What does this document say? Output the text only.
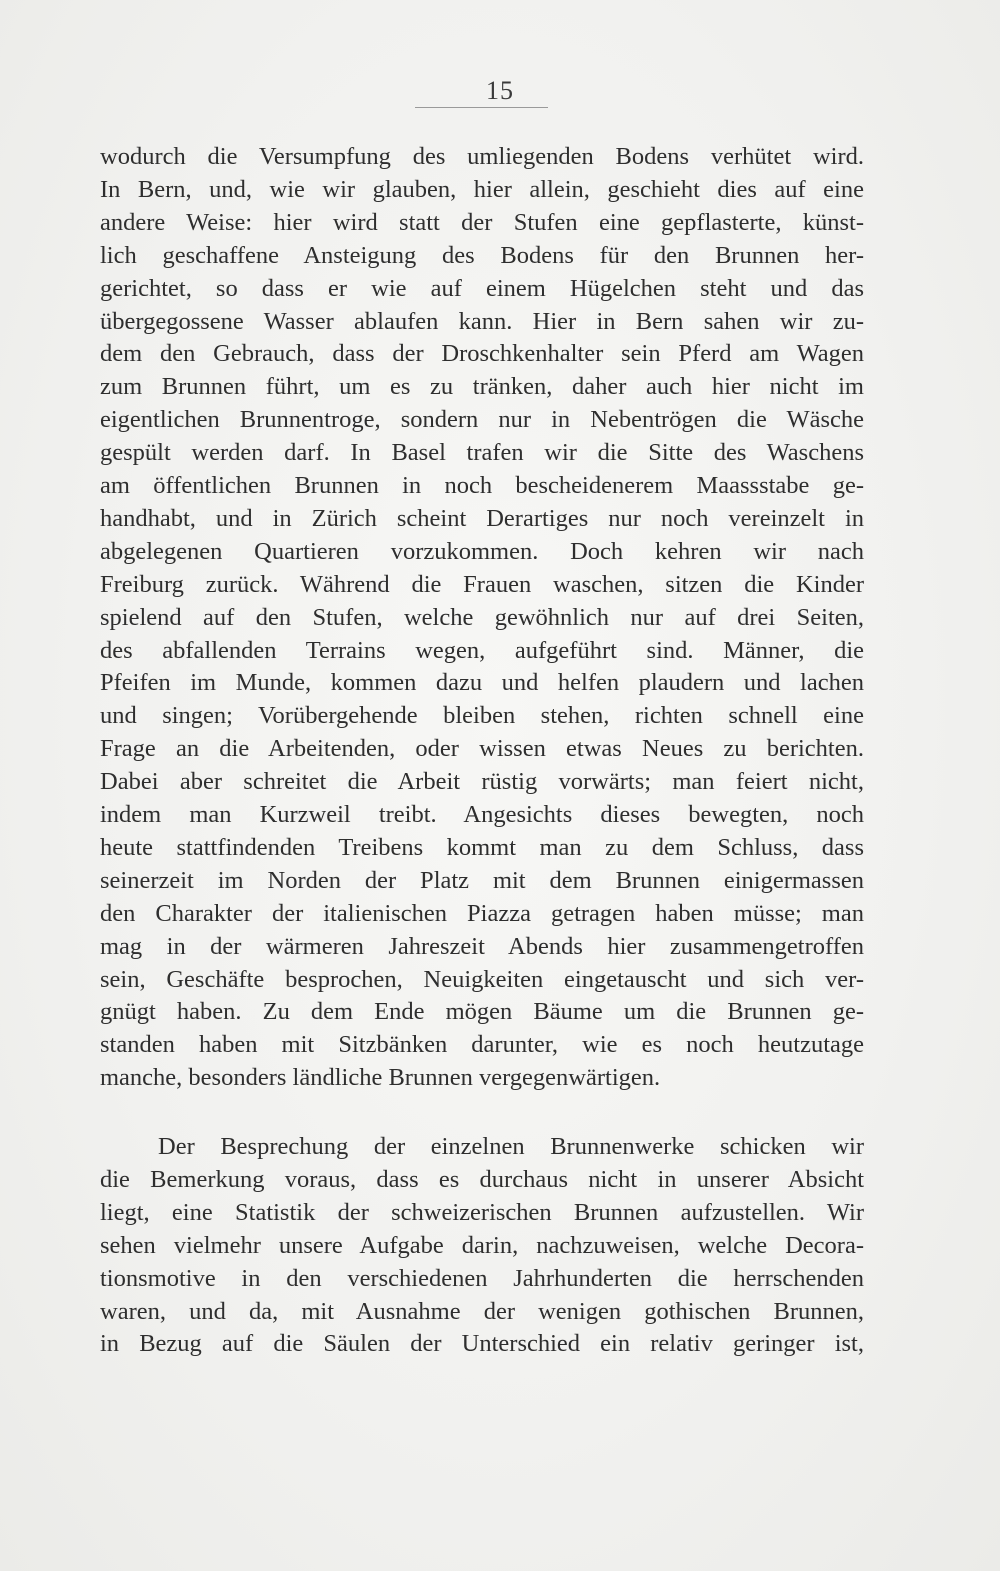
15
wodurch die Versumpfung des umliegenden Bodens verhütet wird.
In Bern, und, wie wir glauben, hier allein, geschieht dies auf eine
andere Weise: hier wird statt der Stufen eine gepflasterte, künst-
lich geschaffene Ansteigung des Bodens für den Brunnen her-
gerichtet, so dass er wie auf einem Hügelchen steht und das
übergegossene Wasser ablaufen kann. Hier in Bern sahen wir zu-
dem den Gebrauch, dass der Droschkenhalter sein Pferd am Wagen
zum Brunnen führt, um es zu tränken, daher auch hier nicht im
eigentlichen Brunnentroge, sondern nur in Nebentrögen die Wäsche
gespült werden darf. In Basel trafen wir die Sitte des Waschens
am öffentlichen Brunnen in noch bescheidenerem Maassstabe ge-
handhabt, und in Zürich scheint Derartiges nur noch vereinzelt in
abgelegenen Quartieren vorzukommen. Doch kehren wir nach
Freiburg zurück. Während die Frauen waschen, sitzen die Kinder
spielend auf den Stufen, welche gewöhnlich nur auf drei Seiten,
des abfallenden Terrains wegen, aufgeführt sind. Männer, die
Pfeifen im Munde, kommen dazu und helfen plaudern und lachen
und singen; Vorübergehende bleiben stehen, richten schnell eine
Frage an die Arbeitenden, oder wissen etwas Neues zu berichten.
Dabei aber schreitet die Arbeit rüstig vorwärts; man feiert nicht,
indem man Kurzweil treibt. Angesichts dieses bewegten, noch
heute stattfindenden Treibens kommt man zu dem Schluss, dass
seinerzeit im Norden der Platz mit dem Brunnen einigermassen
den Charakter der italienischen Piazza getragen haben müsse; man
mag in der wärmeren Jahreszeit Abends hier zusammengetroffen
sein, Geschäfte besprochen, Neuigkeiten eingetauscht und sich ver-
gnügt haben. Zu dem Ende mögen Bäume um die Brunnen ge-
standen haben mit Sitzbänken darunter, wie es noch heutzutage
manche, besonders ländliche Brunnen vergegenwärtigen.
Der Besprechung der einzelnen Brunnenwerke schicken wir
die Bemerkung voraus, dass es durchaus nicht in unserer Absicht
liegt, eine Statistik der schweizerischen Brunnen aufzustellen. Wir
sehen vielmehr unsere Aufgabe darin, nachzuweisen, welche Decora-
tionsmotive in den verschiedenen Jahrhunderten die herrschenden
waren, und da, mit Ausnahme der wenigen gothischen Brunnen,
in Bezug auf die Säulen der Unterschied ein relativ geringer ist,
